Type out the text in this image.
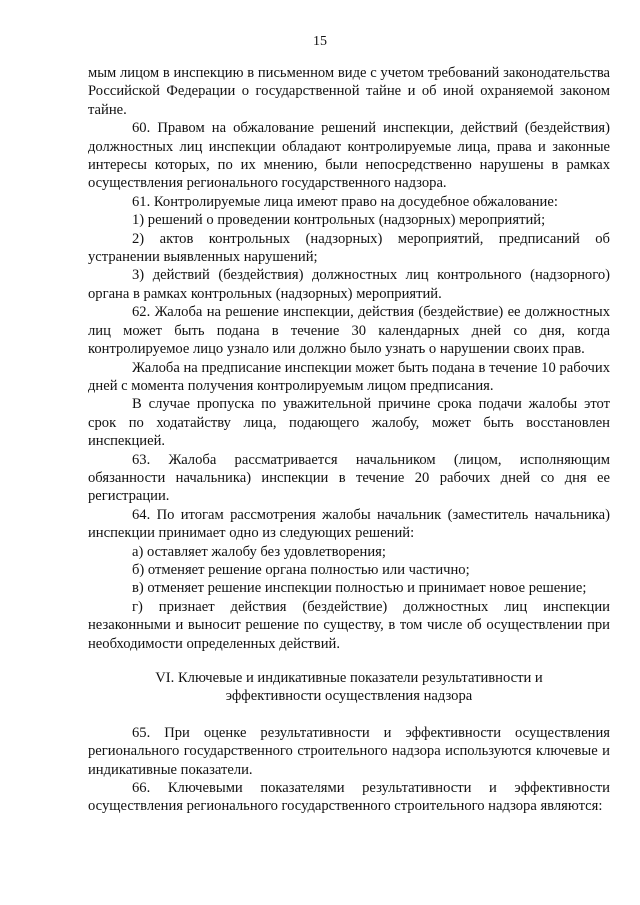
15

мым лицом в инспекцию в письменном виде с учетом требований законодательства Российской Федерации о государственной тайне и об иной охраняемой законом тайне.

60. Правом на обжалование решений инспекции, действий (бездействия) должностных лиц инспекции обладают контролируемые лица, права и законные интересы которых, по их мнению, были непосредственно нарушены в рамках осуществления регионального государственного надзора.

61. Контролируемые лица имеют право на досудебное обжалование:

1) решений о проведении контрольных (надзорных) мероприятий;

2) актов контрольных (надзорных) мероприятий, предписаний об устранении выявленных нарушений;

3) действий (бездействия) должностных лиц контрольного (надзорного) органа в рамках контрольных (надзорных) мероприятий.

62. Жалоба на решение инспекции, действия (бездействие) ее должностных лиц может быть подана в течение 30 календарных дней со дня, когда контролируемое лицо узнало или должно было узнать о нарушении своих прав.

Жалоба на предписание инспекции может быть подана в течение 10 рабочих дней с момента получения контролируемым лицом предписания.

В случае пропуска по уважительной причине срока подачи жалобы этот срок по ходатайству лица, подающего жалобу, может быть восстановлен инспекцией.

63. Жалоба рассматривается начальником (лицом, исполняющим обязанности начальника) инспекции в течение 20 рабочих дней со дня ее регистрации.

64. По итогам рассмотрения жалобы начальник (заместитель начальника) инспекции принимает одно из следующих решений:

а) оставляет жалобу без удовлетворения;

б) отменяет решение органа полностью или частично;

в) отменяет решение инспекции полностью и принимает новое решение;

г) признает действия (бездействие) должностных лиц инспекции незаконными и выносит решение по существу, в том числе об осуществлении при необходимости определенных действий.

VI. Ключевые и индикативные показатели результативности и эффективности осуществления надзора

65. При оценке результативности и эффективности осуществления регионального государственного строительного надзора используются ключевые и индикативные показатели.

66. Ключевыми показателями результативности и эффективности осуществления регионального государственного строительного надзора являются:
